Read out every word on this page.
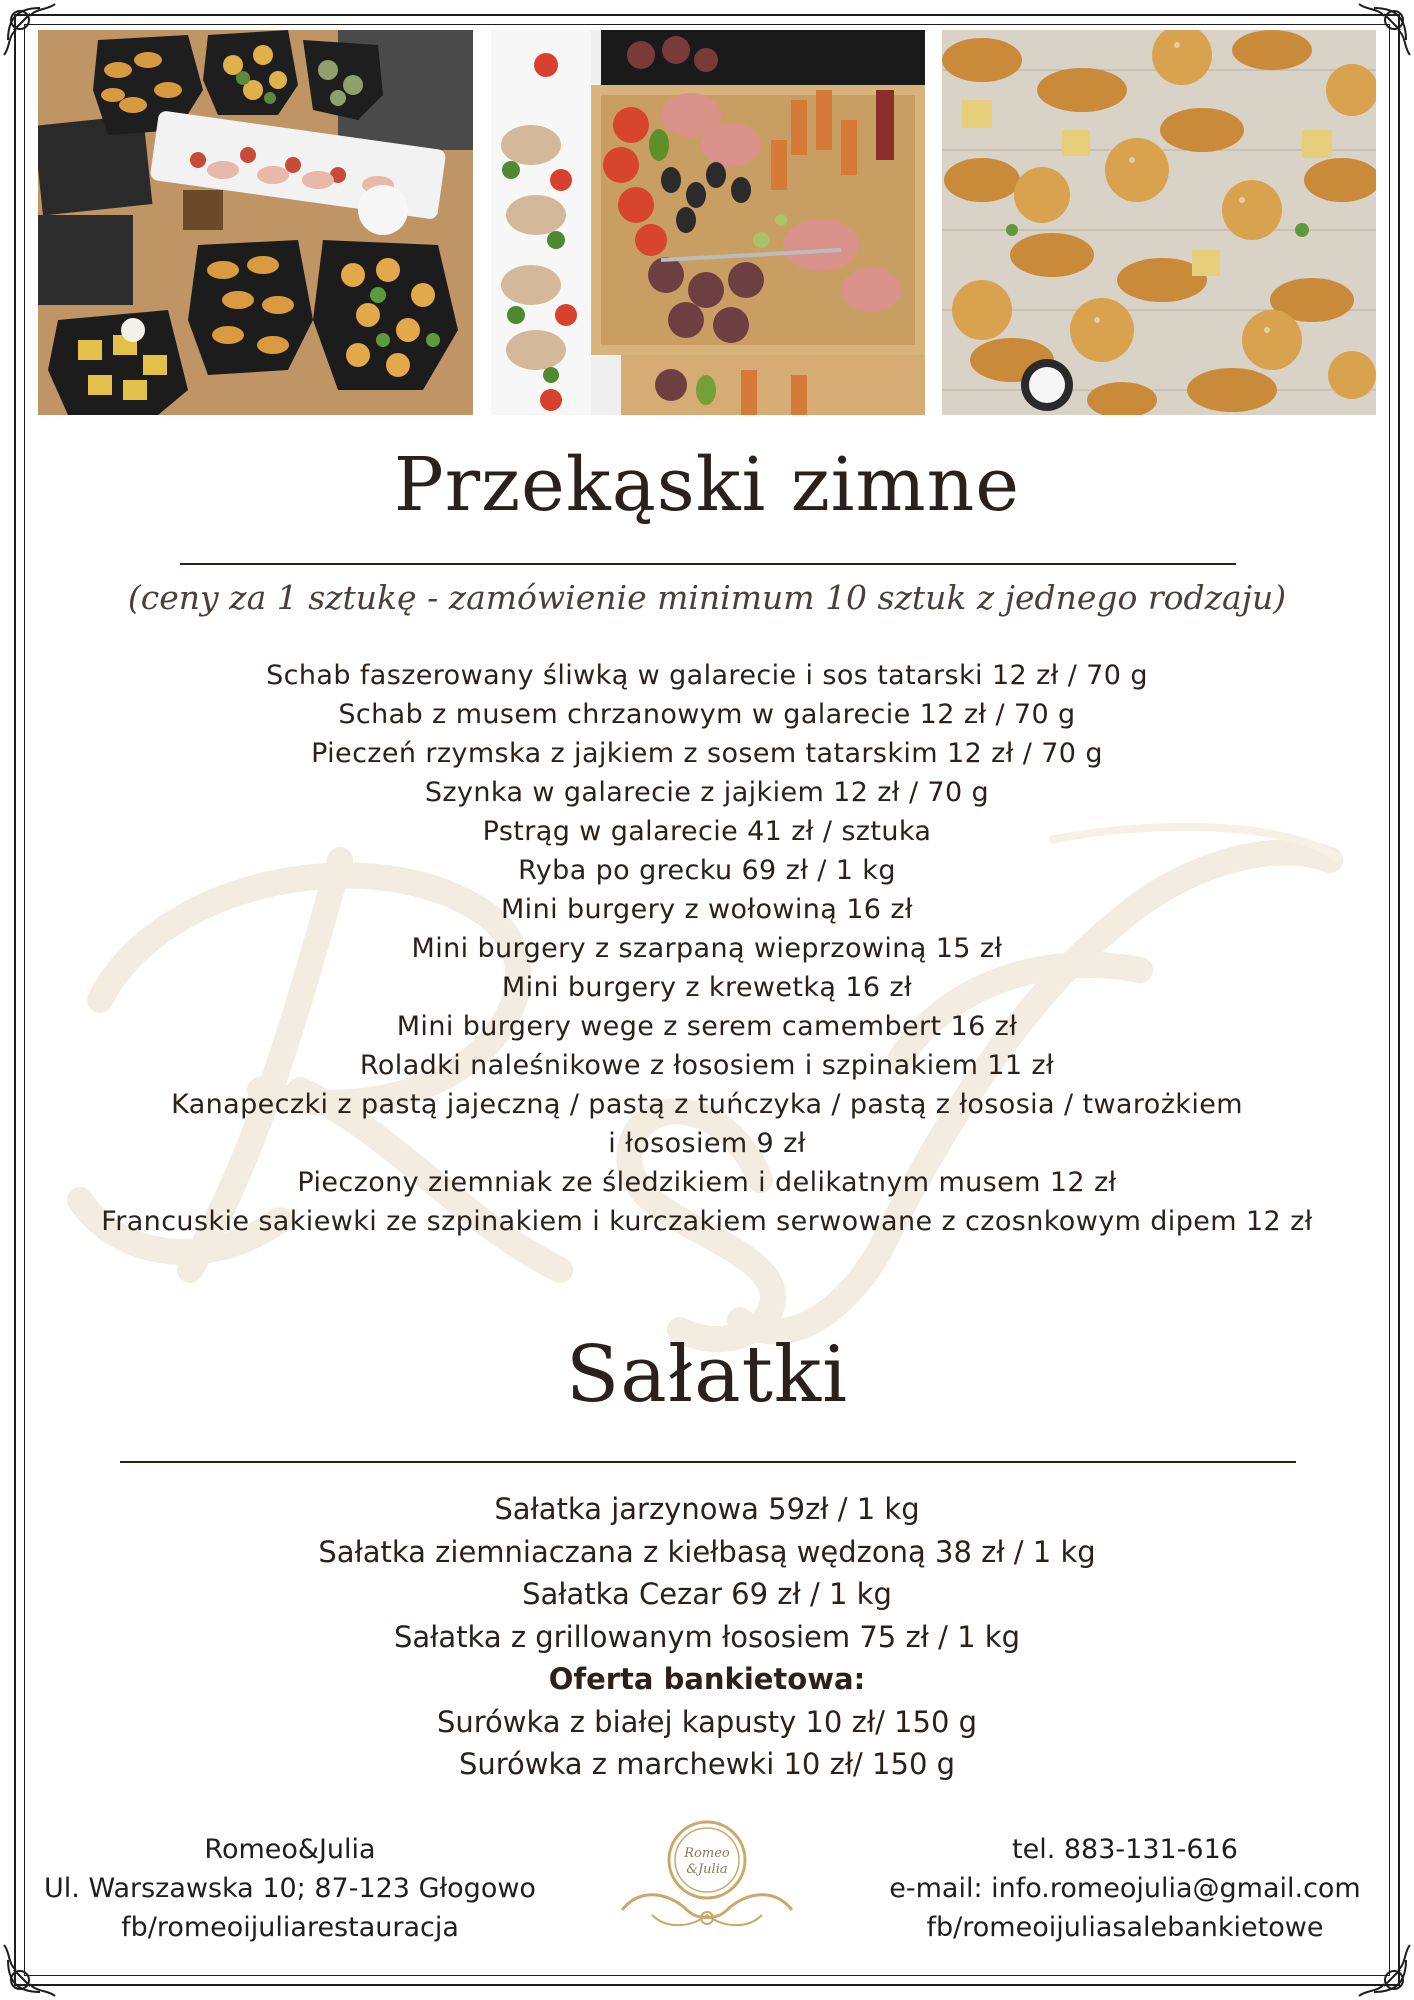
Przekąski zimne
(ceny za 1 sztukę - zamówienie minimum 10 sztuk z jednego rodzaju)
Schab faszerowany śliwką w galarecie i sos tatarski 12 zł / 70 g
Schab z musem chrzanowym w galarecie 12 zł / 70 g
Pieczeń rzymska z jajkiem z sosem tatarskim 12 zł / 70 g
Szynka w galarecie z jajkiem 12 zł / 70 g
Pstrąg w galarecie 41 zł / sztuka
Ryba po grecku 69 zł / 1 kg
Mini burgery z wołowiną 16 zł
Mini burgery z szarpaną wieprzowiną 15 zł
Mini burgery z krewetką 16 zł
Mini burgery wege z serem camembert 16 zł
Roladki naleśnikowe z łososiem i szpinakiem 11 zł
Kanapeczki z pastą jajeczną / pastą z tuńczyka / pastą z łososia / twarożkiem
i łososiem 9 zł
Pieczony ziemniak ze śledzikiem i delikatnym musem 12 zł
Francuskie sakiewki ze szpinakiem i kurczakiem serwowane z czosnkowym dipem 12 zł
Sałatki
Sałatka jarzynowa 59zł / 1 kg
Sałatka ziemniaczana z kiełbasą wędzoną 38 zł / 1 kg
Sałatka Cezar 69 zł / 1 kg
Sałatka z grillowanym łososiem 75 zł / 1 kg
Oferta bankietowa:
Surówka z białej kapusty 10 zł/ 150 g
Surówka z marchewki 10 zł/ 150 g
Romeo&Julia
Ul. Warszawska 10; 87-123 Głogowo
fb/romeoijuliarestauracja
Romeo
&Julia
tel. 883-131-616
e-mail: info.romeojulia@gmail.com
fb/romeoijuliasalebankietowe
